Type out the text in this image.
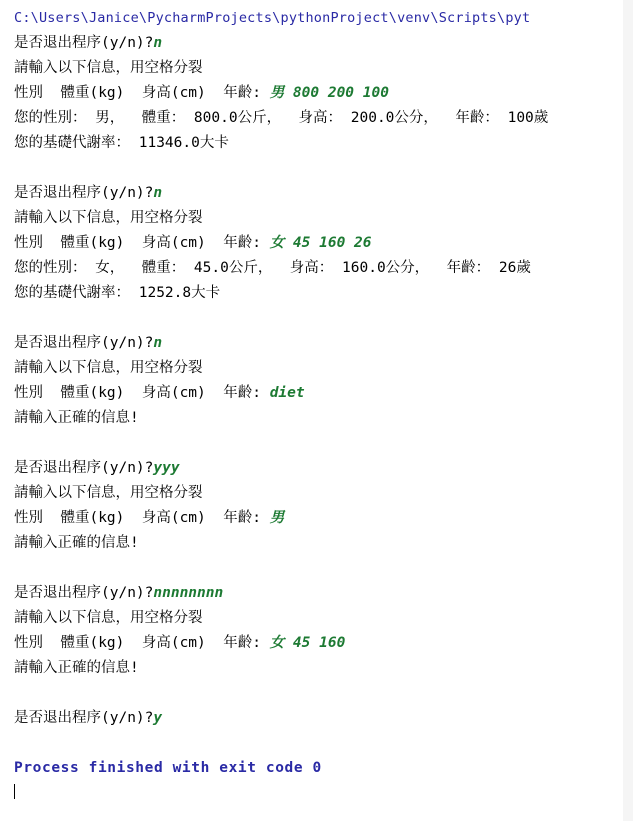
C:\Users\Janice\PycharmProjects\pythonProject\venv\Scripts\pyt
是否退出程序(y/n)?n
請輸入以下信息，用空格分裂
性別  體重(kg)  身高(cm)  年齡: 男 800 200 100
您的性別： 男，  體重： 800.0公斤，  身高： 200.0公分，  年齡： 100歲
您的基礎代謝率： 11346.0大卡

是否退出程序(y/n)?n
請輸入以下信息，用空格分裂
性別  體重(kg)  身高(cm)  年齡: 女 45 160 26
您的性別： 女，  體重： 45.0公斤，  身高： 160.0公分，  年齡： 26歲
您的基礎代謝率： 1252.8大卡

是否退出程序(y/n)?n
請輸入以下信息，用空格分裂
性別  體重(kg)  身高(cm)  年齡: diet
請輸入正確的信息!

是否退出程序(y/n)?yyy
請輸入以下信息，用空格分裂
性別  體重(kg)  身高(cm)  年齡: 男
請輸入正確的信息!

是否退出程序(y/n)?nnnnnnnn
請輸入以下信息，用空格分裂
性別  體重(kg)  身高(cm)  年齡: 女 45 160
請輸入正確的信息!

是否退出程序(y/n)?y

Process finished with exit code 0
